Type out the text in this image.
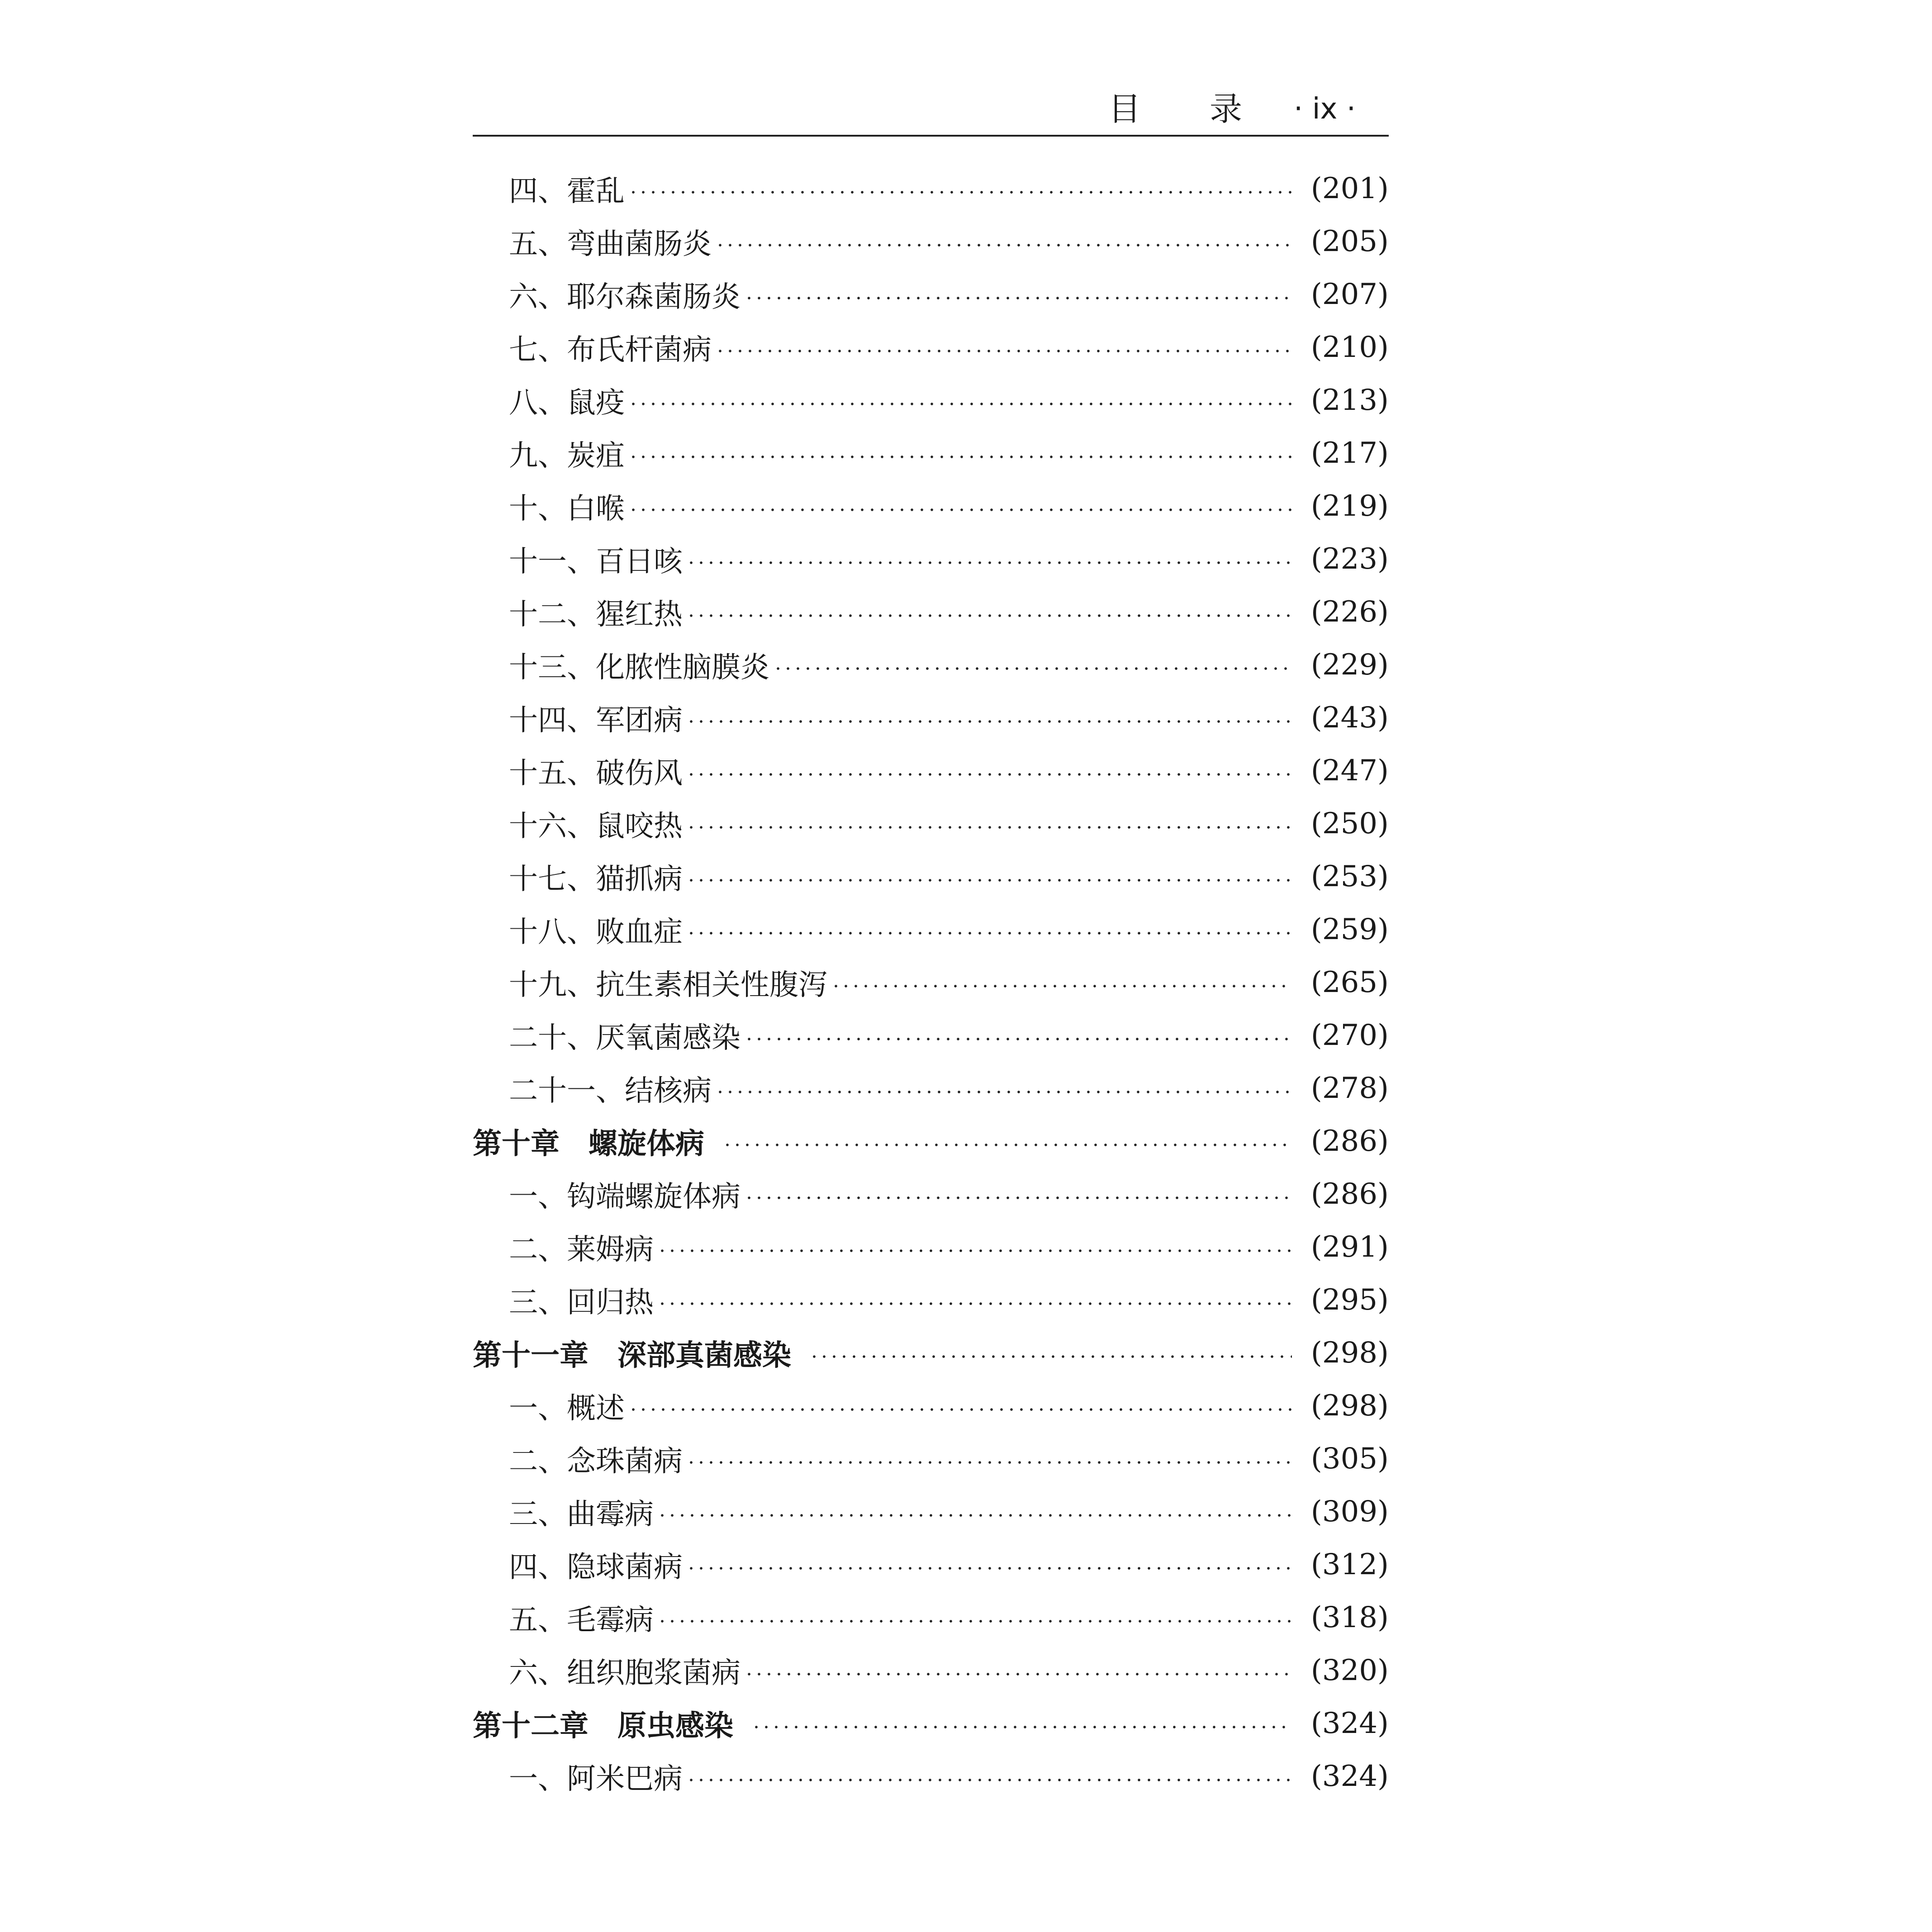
目录
· ix ·
四、霍乱	(201)
五、弯曲菌肠炎	(205)
六、耶尔森菌肠炎	(207)
七、布氏杆菌病	(210)
八、鼠疫	(213)
九、炭疽	(217)
十、白喉	(219)
十一、百日咳	(223)
十二、猩红热	(226)
十三、化脓性脑膜炎	(229)
十四、军团病	(243)
十五、破伤风	(247)
十六、鼠咬热	(250)
十七、猫抓病	(253)
十八、败血症	(259)
十九、抗生素相关性腹泻	(265)
二十、厌氧菌感染	(270)
二十一、结核病	(278)
第十章　螺旋体病	(286)
一、钩端螺旋体病	(286)
二、莱姆病	(291)
三、回归热	(295)
第十一章　深部真菌感染	(298)
一、概述	(298)
二、念珠菌病	(305)
三、曲霉病	(309)
四、隐球菌病	(312)
五、毛霉病	(318)
六、组织胞浆菌病	(320)
第十二章　原虫感染	(324)
一、阿米巴病	(324)
